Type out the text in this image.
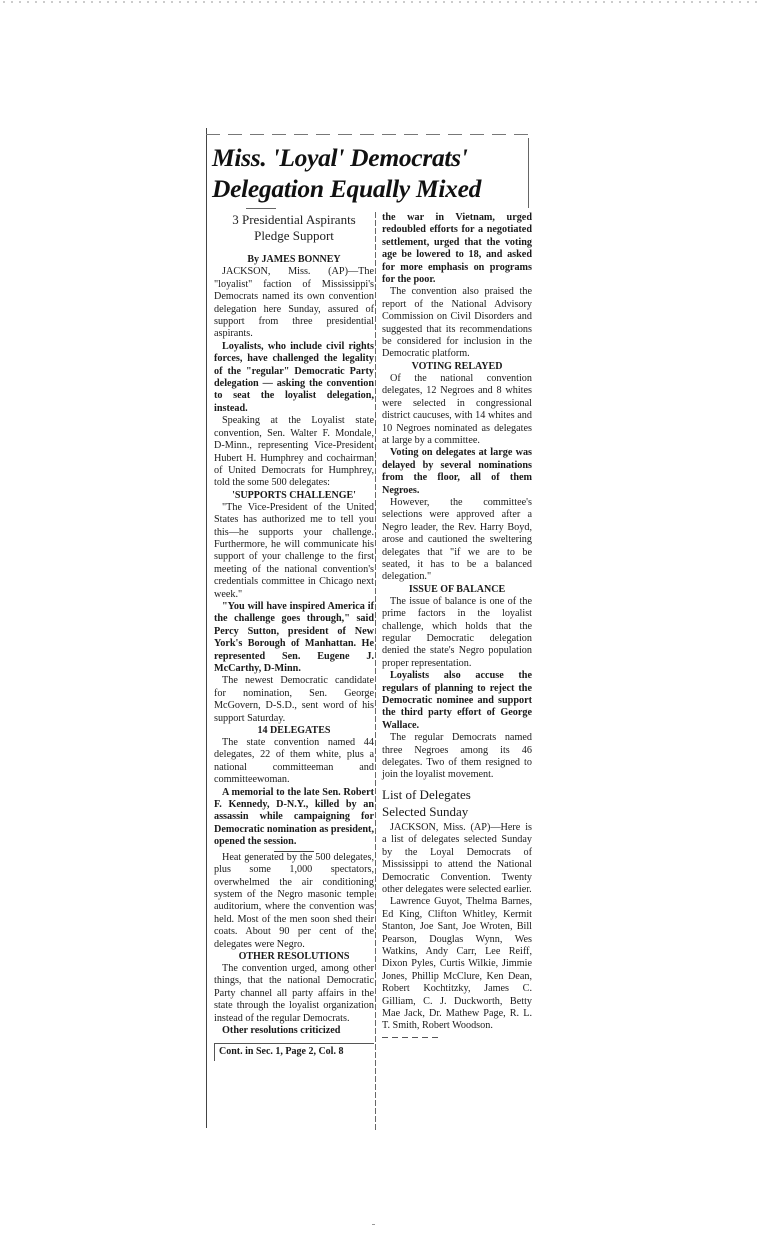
Miss. 'Loyal' Democrats'
Delegation Equally Mixed
3 Presidential Aspirants
Pledge Support
By JAMES BONNEY

JACKSON, Miss. (AP)—The "loyalist" faction of Mississippi's Democrats named its own convention delegation here Sunday, assured of support from three presidential aspirants.

Loyalists, who include civil rights forces, have challenged the legality of the "regular" Democratic Party delegation — asking the convention to seat the loyalist delegation, instead.

Speaking at the Loyalist state convention, Sen. Walter F. Mondale, D-Minn., representing Vice-President Hubert H. Humphrey and cochairman of United Democrats for Humphrey, told the some 500 delegates:

'SUPPORTS CHALLENGE'

"The Vice-President of the United States has authorized me to tell you this—he supports your challenge. Furthermore, he will communicate his support of your challenge to the first meeting of the national convention's credentials committee in Chicago next week."

"You will have inspired America if the challenge goes through," said Percy Sutton, president of New York's Borough of Manhattan. He represented Sen. Eugene J. McCarthy, D-Minn.

The newest Democratic candidate for nomination, Sen. George McGovern, D-S.D., sent word of his support Saturday.

14 DELEGATES

The state convention named 44 delegates, 22 of them white, plus a national committeeman and committeewoman.

A memorial to the late Sen. Robert F. Kennedy, D-N.Y., killed by an assassin while campaigning for Democratic nomination as president, opened the session.

Heat generated by the 500 delegates, plus some 1,000 spectators, overwhelmed the air conditioning system of the Negro masonic temple auditorium, where the convention was held. Most of the men soon shed their coats. About 90 per cent of the delegates were Negro.

OTHER RESOLUTIONS

The convention urged, among other things, that the national Democratic Party channel all party affairs in the state through the loyalist organization instead of the regular Democrats.

Other resolutions criticized

Cont. in Sec. 1, Page 2, Col. 8

the war in Vietnam, urged redoubled efforts for a negotiated settlement, urged that the voting age be lowered to 18, and asked for more emphasis on programs for the poor.

The convention also praised the report of the National Advisory Commission on Civil Disorders and suggested that its recommendations be considered for inclusion in the Democratic platform.

VOTING RELAYED

Of the national convention delegates, 12 Negroes and 8 whites were selected in congressional district caucuses, with 14 whites and 10 Negroes nominated as delegates at large by a committee.

Voting on delegates at large was delayed by several nominations from the floor, all of them Negroes.

However, the committee's selections were approved after a Negro leader, the Rev. Harry Boyd, arose and cautioned the sweltering delegates that "if we are to be seated, it has to be a balanced delegation."

ISSUE OF BALANCE

The issue of balance is one of the prime factors in the loyalist challenge, which holds that the regular Democratic delegation denied the state's Negro population proper representation.

Loyalists also accuse the regulars of planning to reject the Democratic nominee and support the third party effort of George Wallace.

The regular Democrats named three Negroes among its 46 delegates. Two of them resigned to join the loyalist movement.

List of Delegates
Selected Sunday

JACKSON, Miss. (AP)—Here is a list of delegates selected Sunday by the Loyal Democrats of Mississippi to attend the National Democratic Convention. Twenty other delegates were selected earlier.

Lawrence Guyot, Thelma Barnes, Ed King, Clifton Whitley, Kermit Stanton, Joe Sant, Joe Wroten, Bill Pearson, Douglas Wynn, Wes Watkins, Andy Carr, Lee Reiff, Dixon Pyles, Curtis Wilkie, Jimmie Jones, Phillip McClure, Ken Dean, Robert Kochtitzky, James C. Gilliam, C. J. Duckworth, Betty Mae Jack, Dr. Mathew Page, R. L. T. Smith, Robert Woodson.
